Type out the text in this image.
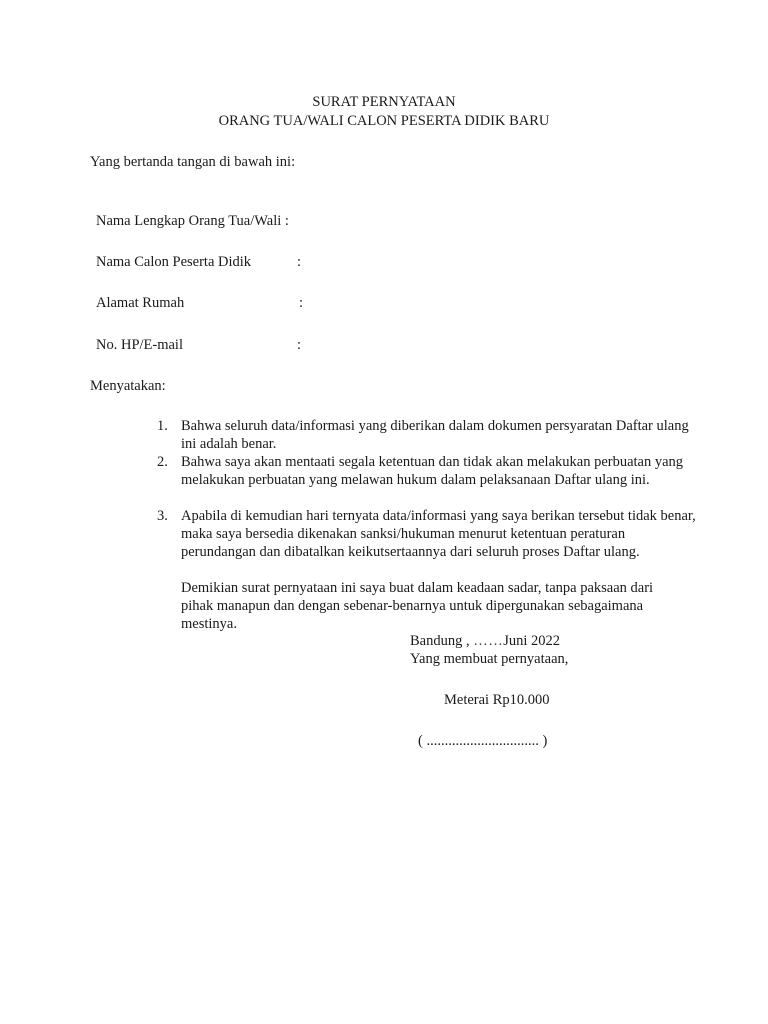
SURAT PERNYATAAN
ORANG TUA/WALI CALON PESERTA DIDIK BARU
Yang bertanda tangan di bawah ini:
Nama Lengkap Orang Tua/Wali :
Nama Calon Peserta Didik	:
Alamat Rumah	:
No. HP/E-mail	:
Menyatakan:
1. Bahwa seluruh data/informasi yang diberikan dalam dokumen persyaratan Daftar ulang ini adalah benar.
2. Bahwa saya akan mentaati segala ketentuan dan tidak akan melakukan perbuatan yang melakukan perbuatan yang melawan hukum dalam pelaksanaan Daftar ulang ini.
3. Apabila di kemudian hari ternyata data/informasi yang saya berikan tersebut tidak benar, maka saya bersedia dikenakan sanksi/hukuman menurut ketentuan peraturan perundangan dan dibatalkan keikutsertaannya dari seluruh proses Daftar ulang.
Demikian surat pernyataan ini saya buat dalam keadaan sadar, tanpa paksaan dari
pihak manapun dan dengan sebenar-benarnya untuk dipergunakan sebagaimana
mestinya.
Bandung , ……Juni 2022
Yang membuat pernyataan,
Meterai Rp10.000
( ............................... )
